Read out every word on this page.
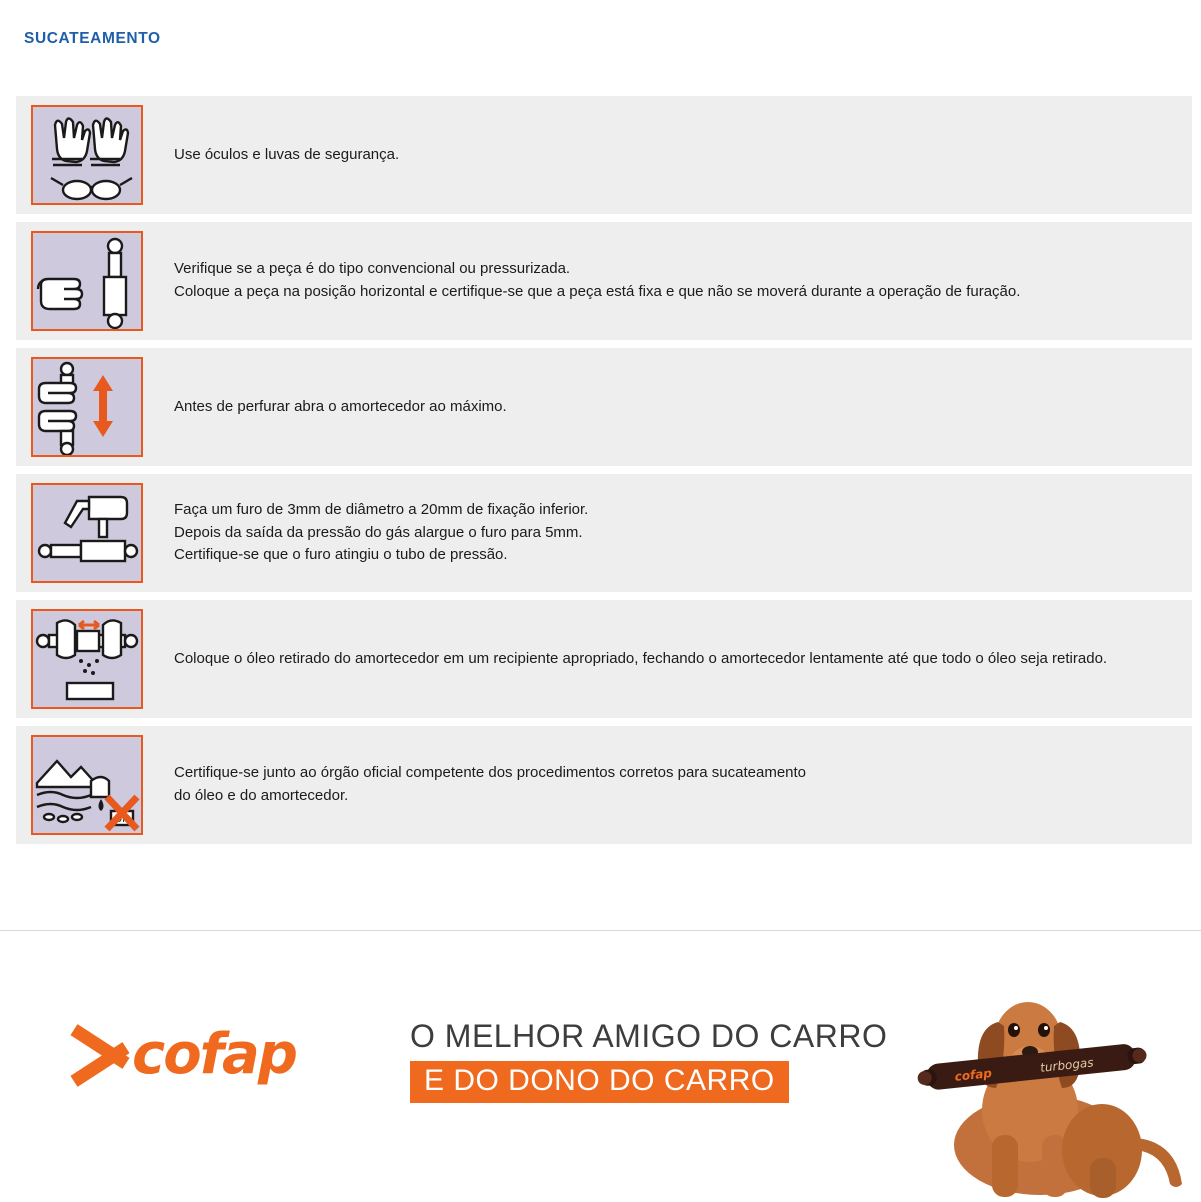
SUCATEAMENTO

Use óculos e luvas de segurança.

Verifique se a peça é do tipo convencional ou pressurizada.
Coloque a peça na posição horizontal e certifique-se que a peça está fixa e que não se moverá durante a operação de furação.

Antes de perfurar abra o amortecedor ao máximo.

Faça um furo de 3mm de diâmetro a 20mm de fixação inferior.
Depois da saída da pressão do gás alargue o furo para 5mm.
Certifique-se que o furo atingiu o tubo de pressão.

Coloque o óleo retirado do amortecedor em um recipiente apropriado, fechando o amortecedor lentamente até que todo o óleo seja retirado.

OIL

Certifique-se junto ao órgão oficial competente dos procedimentos corretos para sucateamento
do óleo e do amortecedor.

cofap	O MELHOR AMIGO DO CARRO
E DO DONO DO CARRO	cofap
turbogas
